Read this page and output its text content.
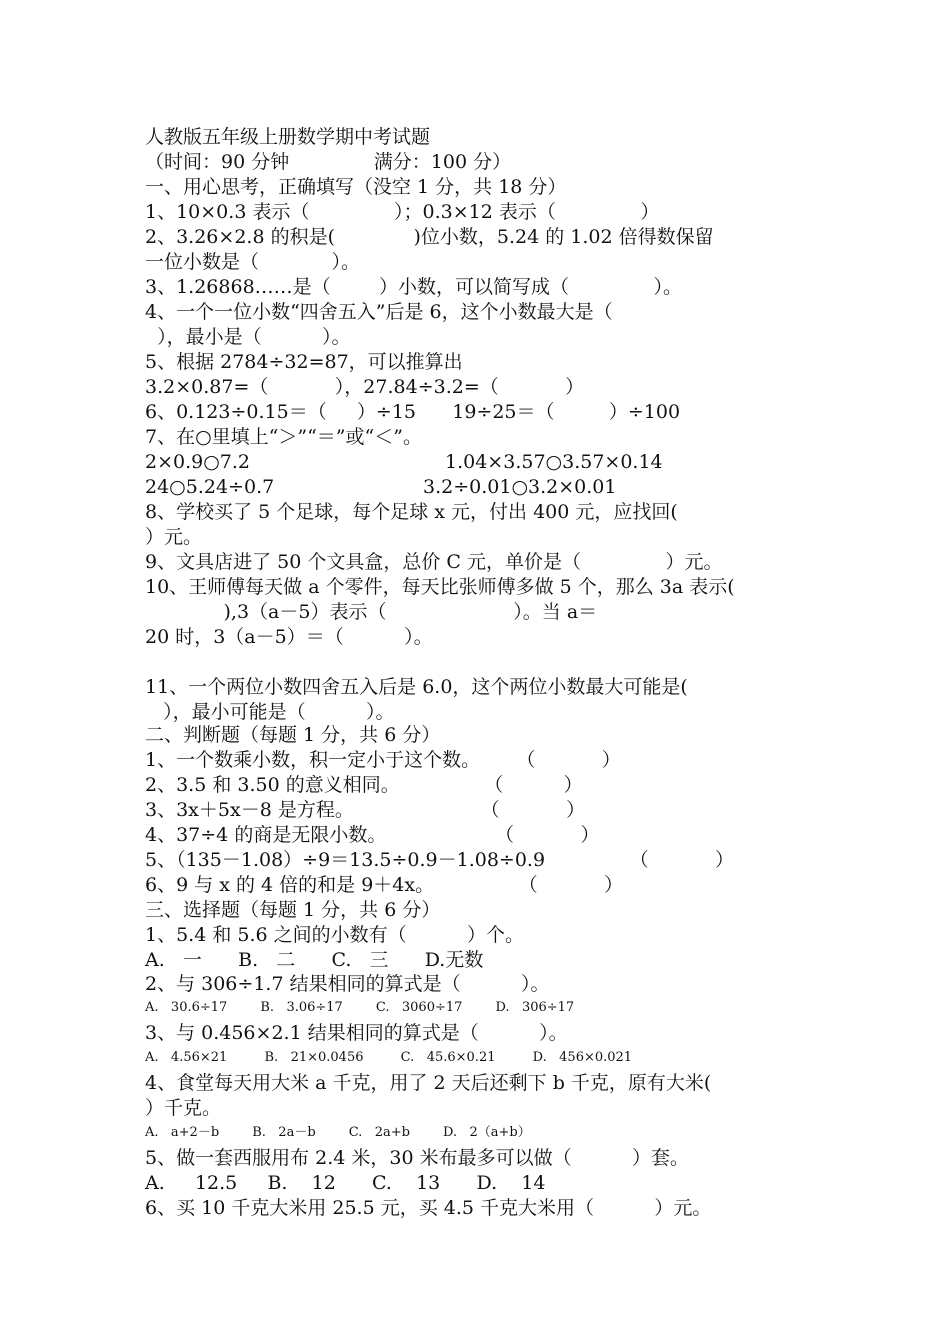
人教版五年级上册数学期中考试题
（时间：90 分钟              满分：100 分）
一、用心思考，正确填写（没空 1 分，共 18 分）
1、10×0.3 表示（              ）；0.3×12 表示（              ）
2、3.26×2.8 的积是(             )位小数，5.24 的 1.02 倍得数保留
一位小数是（            ）。
3、1.26868……是（        ）小数，可以简写成（              ）。
4、一个一位小数“四舍五入”后是 6，这个小数最大是（
），最小是（          ）。
5、根据 2784÷32=87，可以推算出
3.2×0.87=（           ），27.84÷3.2=（           ）
6、0.123÷0.15＝（     ）÷15      19÷25＝（         ）÷100
7、在○里填上“＞”“＝”或“＜”。
2×0.9○7.2	1.04×3.57○3.57×0.14
24○5.24÷0.7	3.2÷0.01○3.2×0.01
8、学校买了 5 个足球，每个足球 x 元，付出 400 元，应找回(
）元。
9、文具店进了 50 个文具盒，总价 C 元，单价是（              ）元。
10、王师傅每天做 a 个零件，每天比张师傅多做 5 个，那么 3a 表示(
),3（a－5）表示（                     ）。当 a＝
20 时，3（a－5）＝（          ）。
11、一个两位小数四舍五入后是 6.0，这个两位小数最大可能是(
），最小可能是（          ）。
二、判断题（每题 1 分，共 6 分）
1、一个数乘小数，积一定小于这个数。      （           ）
2、3.5 和 3.50 的意义相同。              （          ）
3、3x＋5x－8 是方程。                     （           ）
4、37÷4 的商是无限小数。                  （           ）
5、（135－1.08）÷9＝13.5÷0.9－1.08÷0.9              （           ）
6、9 与 x 的 4 倍的和是 9＋4x。              （           ）
三、选择题（每题 1 分，共 6 分）
1、5.4 和 5.6 之间的小数有（          ）个。
A.   一      B.   二      C.   三      D.无数
2、与 306÷1.7 结果相同的算式是（          ）。
A.   30.6÷17        B.   3.06÷17        C.   3060÷17        D.   306÷17
3、与 0.456×2.1 结果相同的算式是（          ）。
A.   4.56×21         B.   21×0.0456         C.   45.6×0.21         D.   456×0.021
4、食堂每天用大米 a 千克，用了 2 天后还剩下 b 千克，原有大米(
）千克。
A.   a+2－b        B.   2a－b        C.   2a+b        D.   2（a+b）
5、做一套西服用布 2.4 米，30 米布最多可以做（          ）套。
A.     12.5     B.    12      C.    13      D.    14
6、买 10 千克大米用 25.5 元，买 4.5 千克大米用（          ）元。
